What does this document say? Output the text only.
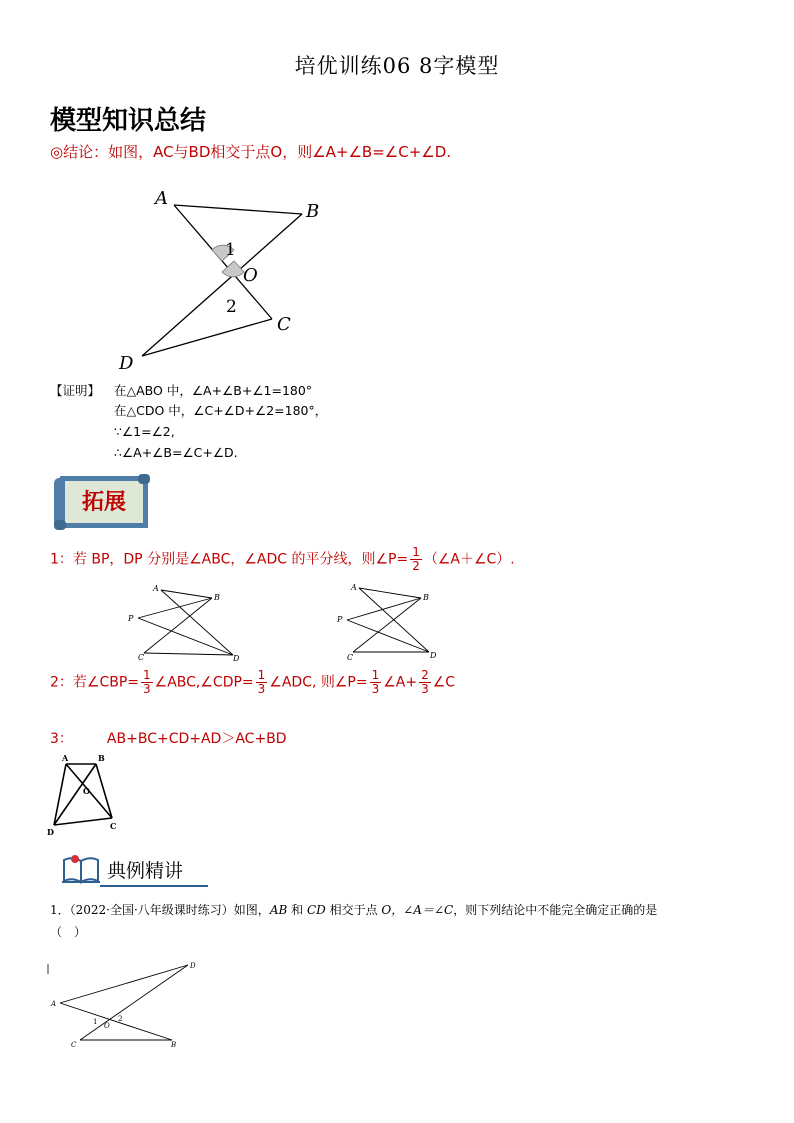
培优训练06 8字模型
模型知识总结
◎结论：如图，AC与BD相交于点O，则∠A+∠B=∠C+∠D.
A
B
C
D
O
1
2
【证明】 在△ABO 中，∠A+∠B+∠1=180°
在△CDO 中，∠C+∠D+∠2=180°，
∵∠1=∠2,
∴∠A+∠B=∠C+∠D.
拓展
1：若 BP，DP 分别是∠ABC，∠ADC 的平分线，则∠P= $\frac{1}{2}$ （∠A＋∠C）.
A
B
P
C	D
A
B
P
C	D
2：若∠CBP= $\frac{1}{3}$ ∠ABC,∠CDP= $\frac{1}{3}$ ∠ADC, 则∠P= $\frac{1}{3}$ ∠A+ $\frac{2}{3}$ ∠C
3： AB+BC+CD+AD＞AC+BD
A	B
C
D
O
典例精讲
1．（2022·全国·八年级课时练习）如图，AB 和 CD 相交于点 O，∠A＝∠C，则下列结论中不能完全确定正确的是
（　）
A
D
C	B
O
1	2
